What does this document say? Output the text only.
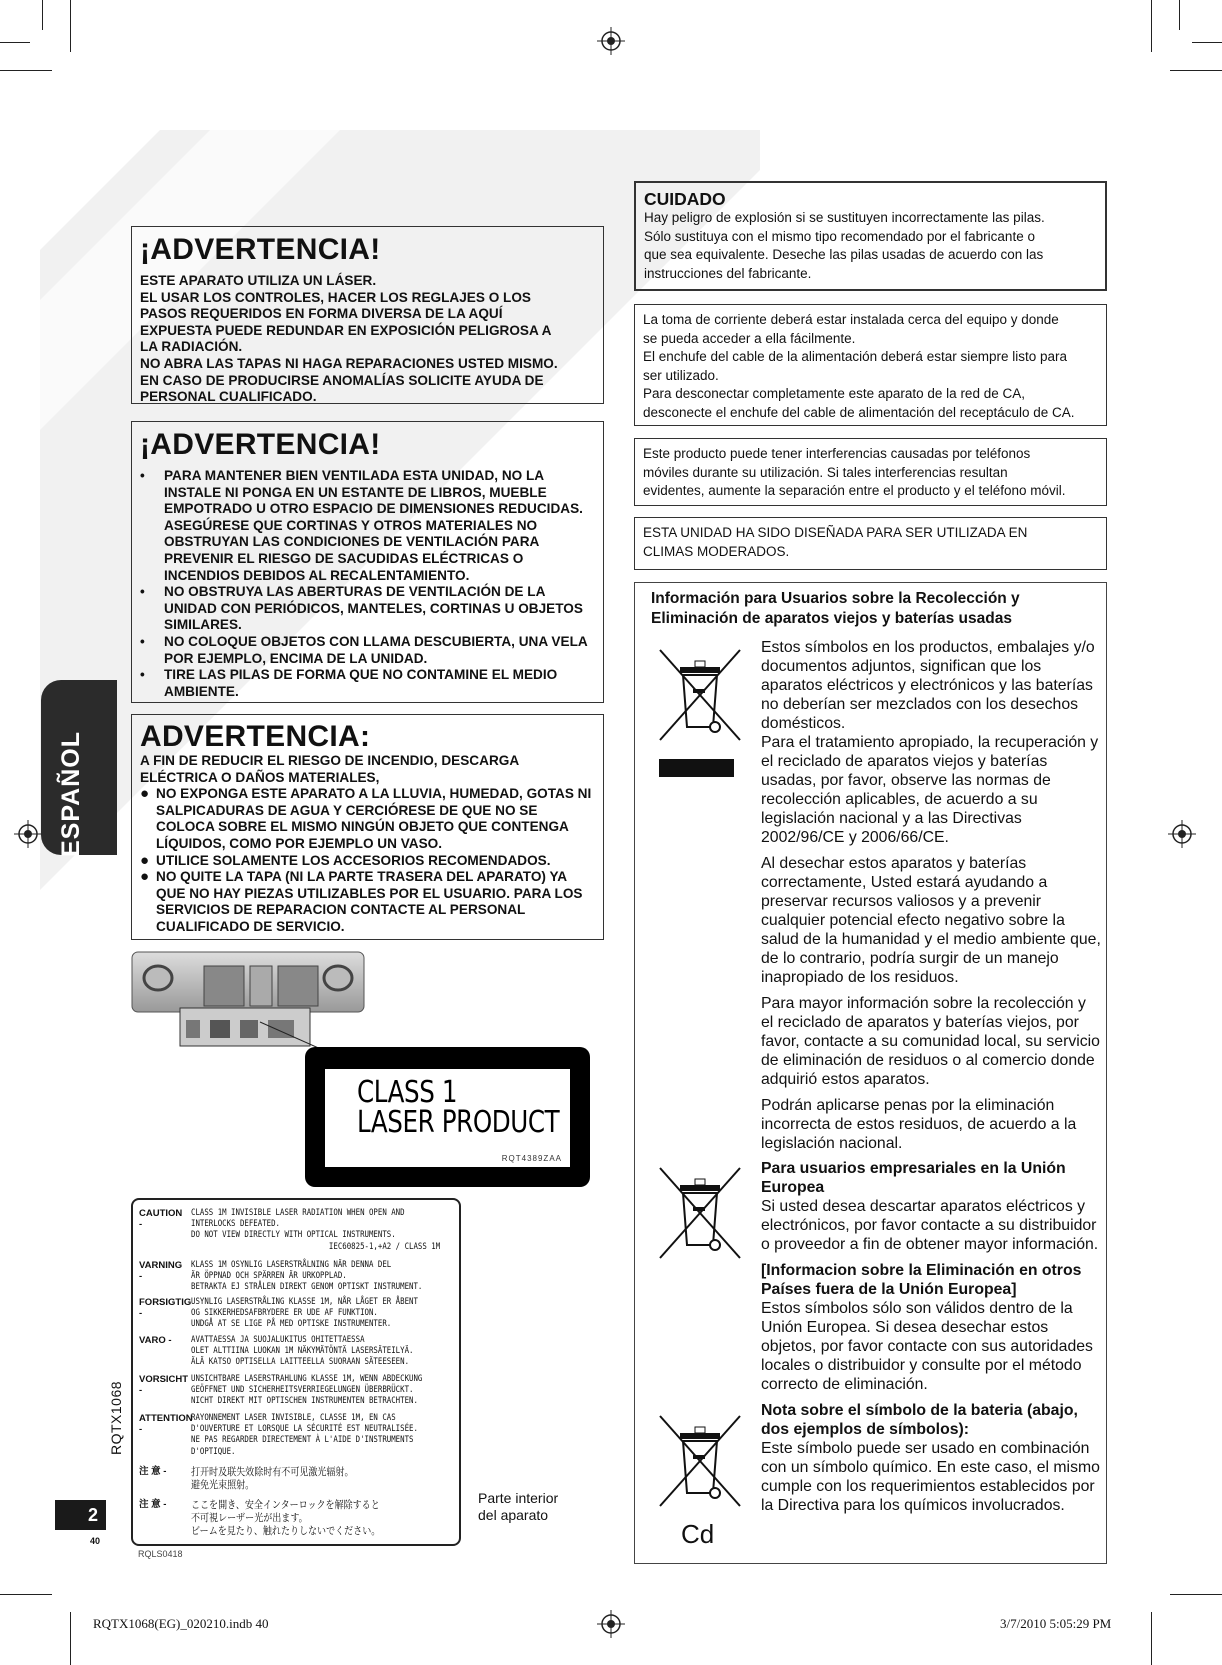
ESPAÑOL
RQTX1068
2
40
¡ADVERTENCIA!
ESTE APARATO UTILIZA UN LÁSER.
EL USAR LOS CONTROLES, HACER LOS REGLAJES O LOS
PASOS REQUERIDOS EN FORMA DIVERSA DE LA AQUÍ
EXPUESTA PUEDE REDUNDAR EN EXPOSICIÓN PELIGROSA A
LA RADIACIÓN.
NO ABRA LAS TAPAS NI HAGA REPARACIONES USTED MISMO.
EN CASO DE PRODUCIRSE ANOMALÍAS SOLICITE AYUDA DE
PERSONAL CUALIFICADO.
¡ADVERTENCIA!
• PARA MANTENER BIEN VENTILADA ESTA UNIDAD, NO LA INSTALE NI PONGA EN UN ESTANTE DE LIBROS, MUEBLE EMPOTRADO U OTRO ESPACIO DE DIMENSIONES REDUCIDAS. ASEGÚRESE QUE CORTINAS Y OTROS MATERIALES NO OBSTRUYAN LAS CONDICIONES DE VENTILACIÓN PARA PREVENIR EL RIESGO DE SACUDIDAS ELÉCTRICAS O INCENDIOS DEBIDOS AL RECALENTAMIENTO.
• NO OBSTRUYA LAS ABERTURAS DE VENTILACIÓN DE LA UNIDAD CON PERIÓDICOS, MANTELES, CORTINAS U OBJETOS SIMILARES.
• NO COLOQUE OBJETOS CON LLAMA DESCUBIERTA, UNA VELA POR EJEMPLO, ENCIMA DE LA UNIDAD.
• TIRE LAS PILAS DE FORMA QUE NO CONTAMINE EL MEDIO AMBIENTE.
ADVERTENCIA:
A FIN DE REDUCIR EL RIESGO DE INCENDIO, DESCARGA ELÉCTRICA O DAÑOS MATERIALES,
● NO EXPONGA ESTE APARATO A LA LLUVIA, HUMEDAD, GOTAS NI SALPICADURAS DE AGUA Y CERCIÓRESE DE QUE NO SE COLOCA SOBRE EL MISMO NINGÚN OBJETO QUE CONTENGA LÍQUIDOS, COMO POR EJEMPLO UN VASO.
● UTILICE SOLAMENTE LOS ACCESORIOS RECOMENDADOS.
● NO QUITE LA TAPA (NI LA PARTE TRASERA DEL APARATO) YA QUE NO HAY PIEZAS UTILIZABLES POR EL USUARIO. PARA LOS SERVICIOS DE REPARACION CONTACTE AL PERSONAL CUALIFICADO DE SERVICIO.
CLASS 1
LASER PRODUCT
RQT4389ZAA
CAUTION -
CLASS 1M INVISIBLE LASER RADIATION WHEN OPEN AND
INTERLOCKS DEFEATED.
DO NOT VIEW DIRECTLY WITH OPTICAL INSTRUMENTS.
IEC60825-1,+A2 / CLASS 1M
VARNING -
KLASS 1M OSYNLIG LASERSTRÅLNING NÄR DENNA DEL
ÄR ÖPPNAD OCH SPÄRREN ÄR URKOPPLAD.
BETRAKTA EJ STRÅLEN DIREKT GENOM OPTISKT INSTRUMENT.
FORSIGTIG -
USYNLIG LASERSTRÅLING KLASSE 1M, NÅR LÅGET ER ÅBENT
OG SIKKERHEDSAFBRYDERE ER UDE AF FUNKTION.
UNDGÅ AT SE LIGE PÅ MED OPTISKE INSTRUMENTER.
VARO - AVATTAESSA JA SUOJALUKITUS OHITETTAESSA
OLET ALTTIINA LUOKAN 1M NÄKYMÄTÖNTÄ LASERSÄTEILYÄ.
ÄLÄ KATSO OPTISELLA LAITTEELLA SUORAAN SÄTEESEEN.
VORSICHT -
UNSICHTBARE LASERSTRAHLUNG KLASSE 1M, WENN ABDECKUNG
GEÖFFNET UND SICHERHEITSVERRIEGELUNGEN ÜBERBRÜCKT.
NICHT DIREKT MIT OPTISCHEN INSTRUMENTEN BETRACHTEN.
ATTENTION -
RAYONNEMENT LASER INVISIBLE, CLASSE 1M, EN CAS
D'OUVERTURE ET LORSQUE LA SÉCURITÉ EST NEUTRALISÉE.
NE PAS REGARDER DIRECTEMENT À L'AIDE D'INSTRUMENTS
D'OPTIQUE.
注 意 - 打开时及联失效除时有不可见激光辐射。
避免光束照射。
注 意 - ここを開き、安全インターロックを解除すると
不可視レーザー光が出ます。
ビームを見たり、触れたりしないでください。
Parte interior del aparato
RQLS0418
CUIDADO
Hay peligro de explosión si se sustituyen incorrectamente las pilas.
Sólo sustituya con el mismo tipo recomendado por el fabricante o
que sea equivalente. Deseche las pilas usadas de acuerdo con las
instrucciones del fabricante.
La toma de corriente deberá estar instalada cerca del equipo y donde
se pueda acceder a ella fácilmente.
El enchufe del cable de la alimentación deberá estar siempre listo para
ser utilizado.
Para desconectar completamente este aparato de la red de CA,
desconecte el enchufe del cable de alimentación del receptáculo de CA.
Este producto puede tener interferencias causadas por teléfonos
móviles durante su utilización. Si tales interferencias resultan
evidentes, aumente la separación entre el producto y el teléfono móvil.
ESTA UNIDAD HA SIDO DISEÑADA PARA SER UTILIZADA EN
CLIMAS MODERADOS.
Información para Usuarios sobre la Recolección y
Eliminación de aparatos viejos y baterías usadas

Estos símbolos en los productos, embalajes y/o documentos adjuntos, significan que los aparatos eléctricos y electrónicos y las baterías no deberían ser mezclados con los desechos domésticos.
Para el tratamiento apropiado, la recuperación y el reciclado de aparatos viejos y baterías usadas, por favor, observe las normas de recolección aplicables, de acuerdo a su legislación nacional y a las Directivas 2002/96/CE y 2006/66/CE.

Al desechar estos aparatos y baterías correctamente, Usted estará ayudando a preservar recursos valiosos y a prevenir cualquier potencial efecto negativo sobre la salud de la humanidad y el medio ambiente que, de lo contrario, podría surgir de un manejo inapropiado de los residuos.

Para mayor información sobre la recolección y el reciclado de aparatos y baterías viejos, por favor, contacte a su comunidad local, su servicio de eliminación de residuos o al comercio donde adquirió estos aparatos.

Podrán aplicarse penas por la eliminación incorrecta de estos residuos, de acuerdo a la legislación nacional.

Para usuarios empresariales en la Unión Europea
Si usted desea descartar aparatos eléctricos y electrónicos, por favor contacte a su distribuidor o proveedor a fin de obtener mayor información.

[Informacion sobre la Eliminación en otros Países fuera de la Unión Europea]
Estos símbolos sólo son válidos dentro de la Unión Europea. Si desea desechar estos objetos, por favor contacte con sus autoridades locales o distribuidor y consulte por el método correcto de eliminación.

Nota sobre el símbolo de la bateria (abajo, dos ejemplos de símbolos):
Este símbolo puede ser usado en combinación con un símbolo químico. En este caso, el mismo cumple con los requerimientos establecidos por la Directiva para los químicos involucrados.

Cd
RQTX1068(EG)_020210.indb 40	3/7/2010 5:05:29 PM
